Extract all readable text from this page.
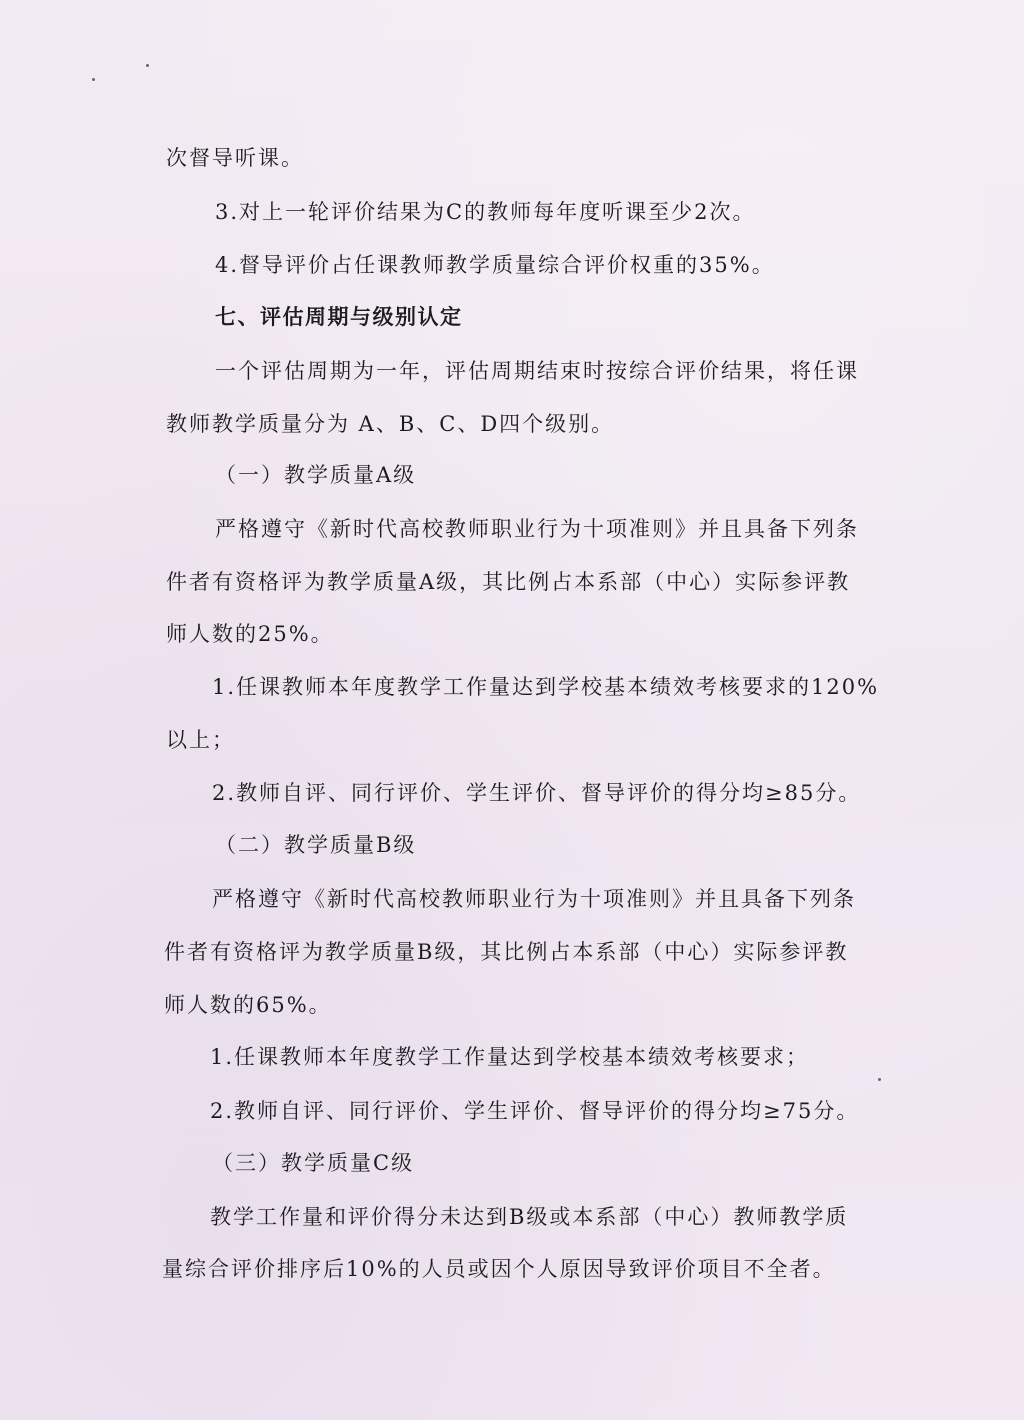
次督导听课。
3.对上一轮评价结果为C的教师每年度听课至少2次。
4.督导评价占任课教师教学质量综合评价权重的35%。
七、评估周期与级别认定
一个评估周期为一年，评估周期结束时按综合评价结果，将任课
教师教学质量分为 A、B、C、D四个级别。
（一）教学质量A级
严格遵守《新时代高校教师职业行为十项准则》并且具备下列条
件者有资格评为教学质量A级，其比例占本系部（中心）实际参评教
师人数的25%。
1.任课教师本年度教学工作量达到学校基本绩效考核要求的120%
以上；
2.教师自评、同行评价、学生评价、督导评价的得分均≥85分。
（二）教学质量B级
严格遵守《新时代高校教师职业行为十项准则》并且具备下列条
件者有资格评为教学质量B级，其比例占本系部（中心）实际参评教
师人数的65%。
1.任课教师本年度教学工作量达到学校基本绩效考核要求；
2.教师自评、同行评价、学生评价、督导评价的得分均≥75分。
（三）教学质量C级
教学工作量和评价得分未达到B级或本系部（中心）教师教学质
量综合评价排序后10%的人员或因个人原因导致评价项目不全者。
